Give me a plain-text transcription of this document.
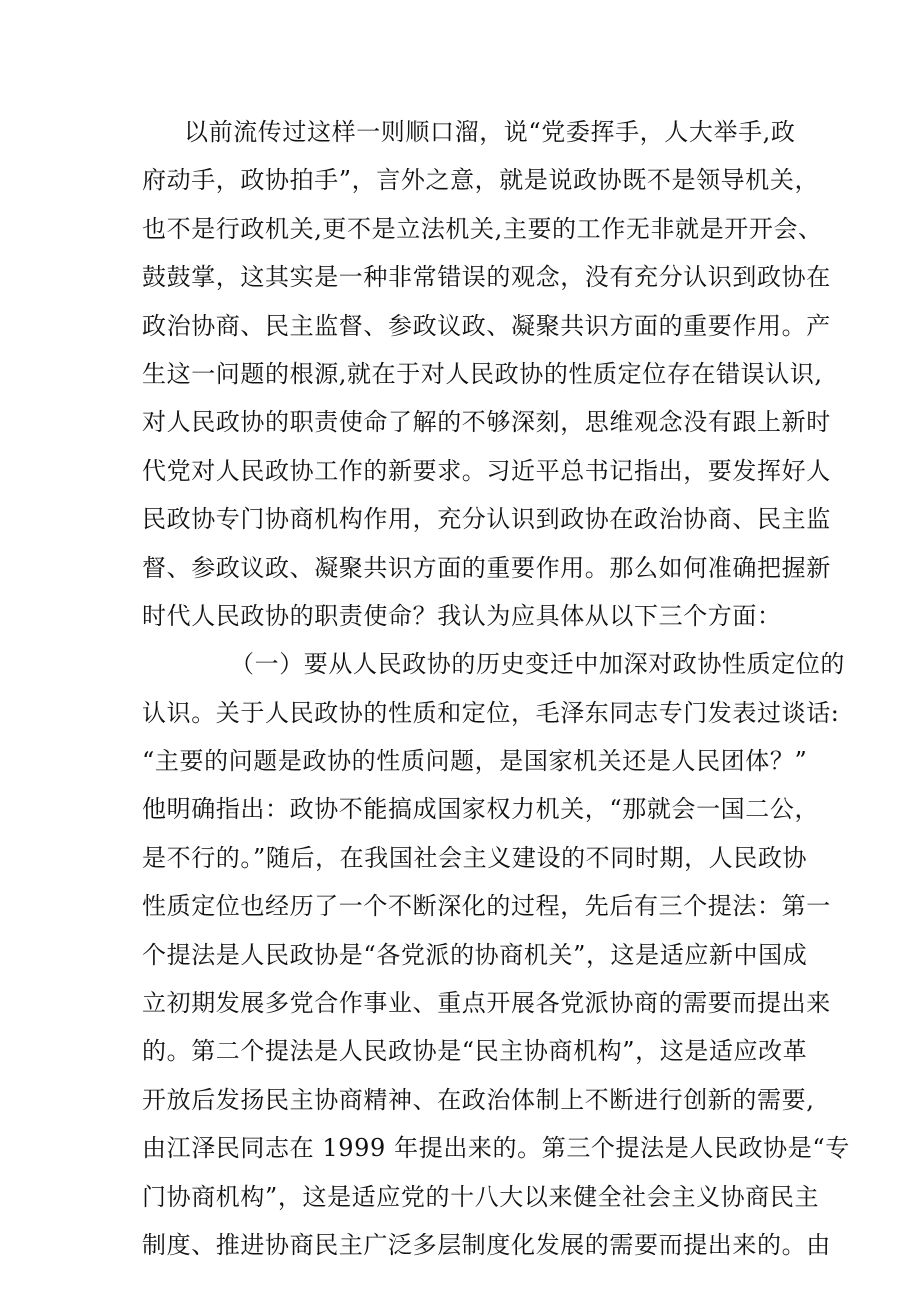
以前流传过这样一则顺口溜，说“党委挥手，人大举手,政
府动手，政协拍手”，言外之意，就是说政协既不是领导机关，
也不是行政机关,更不是立法机关,主要的工作无非就是开开会、
鼓鼓掌，这其实是一种非常错误的观念，没有充分认识到政协在
政治协商、民主监督、参政议政、凝聚共识方面的重要作用。产
生这一问题的根源,就在于对人民政协的性质定位存在错误认识,
对人民政协的职责使命了解的不够深刻，思维观念没有跟上新时
代党对人民政协工作的新要求。习近平总书记指出，要发挥好人
民政协专门协商机构作用，充分认识到政协在政治协商、民主监
督、参政议政、凝聚共识方面的重要作用。那么如何准确把握新
时代人民政协的职责使命？我认为应具体从以下三个方面：
（一）要从人民政协的历史变迁中加深对政协性质定位的
认识。关于人民政协的性质和定位，毛泽东同志专门发表过谈话:
“主要的问题是政协的性质问题，是国家机关还是人民团体？”
他明确指出：政协不能搞成国家权力机关，“那就会一国二公，
是不行的。”随后，在我国社会主义建设的不同时期，人民政协
性质定位也经历了一个不断深化的过程，先后有三个提法：第一
个提法是人民政协是“各党派的协商机关”，这是适应新中国成
立初期发展多党合作事业、重点开展各党派协商的需要而提出来
的。第二个提法是人民政协是“民主协商机构”，这是适应改革
开放后发扬民主协商精神、在政治体制上不断进行创新的需要,
由江泽民同志在 1999 年提出来的。第三个提法是人民政协是“专
门协商机构”，这是适应党的十八大以来健全社会主义协商民主
制度、推进协商民主广泛多层制度化发展的需要而提出来的。由
